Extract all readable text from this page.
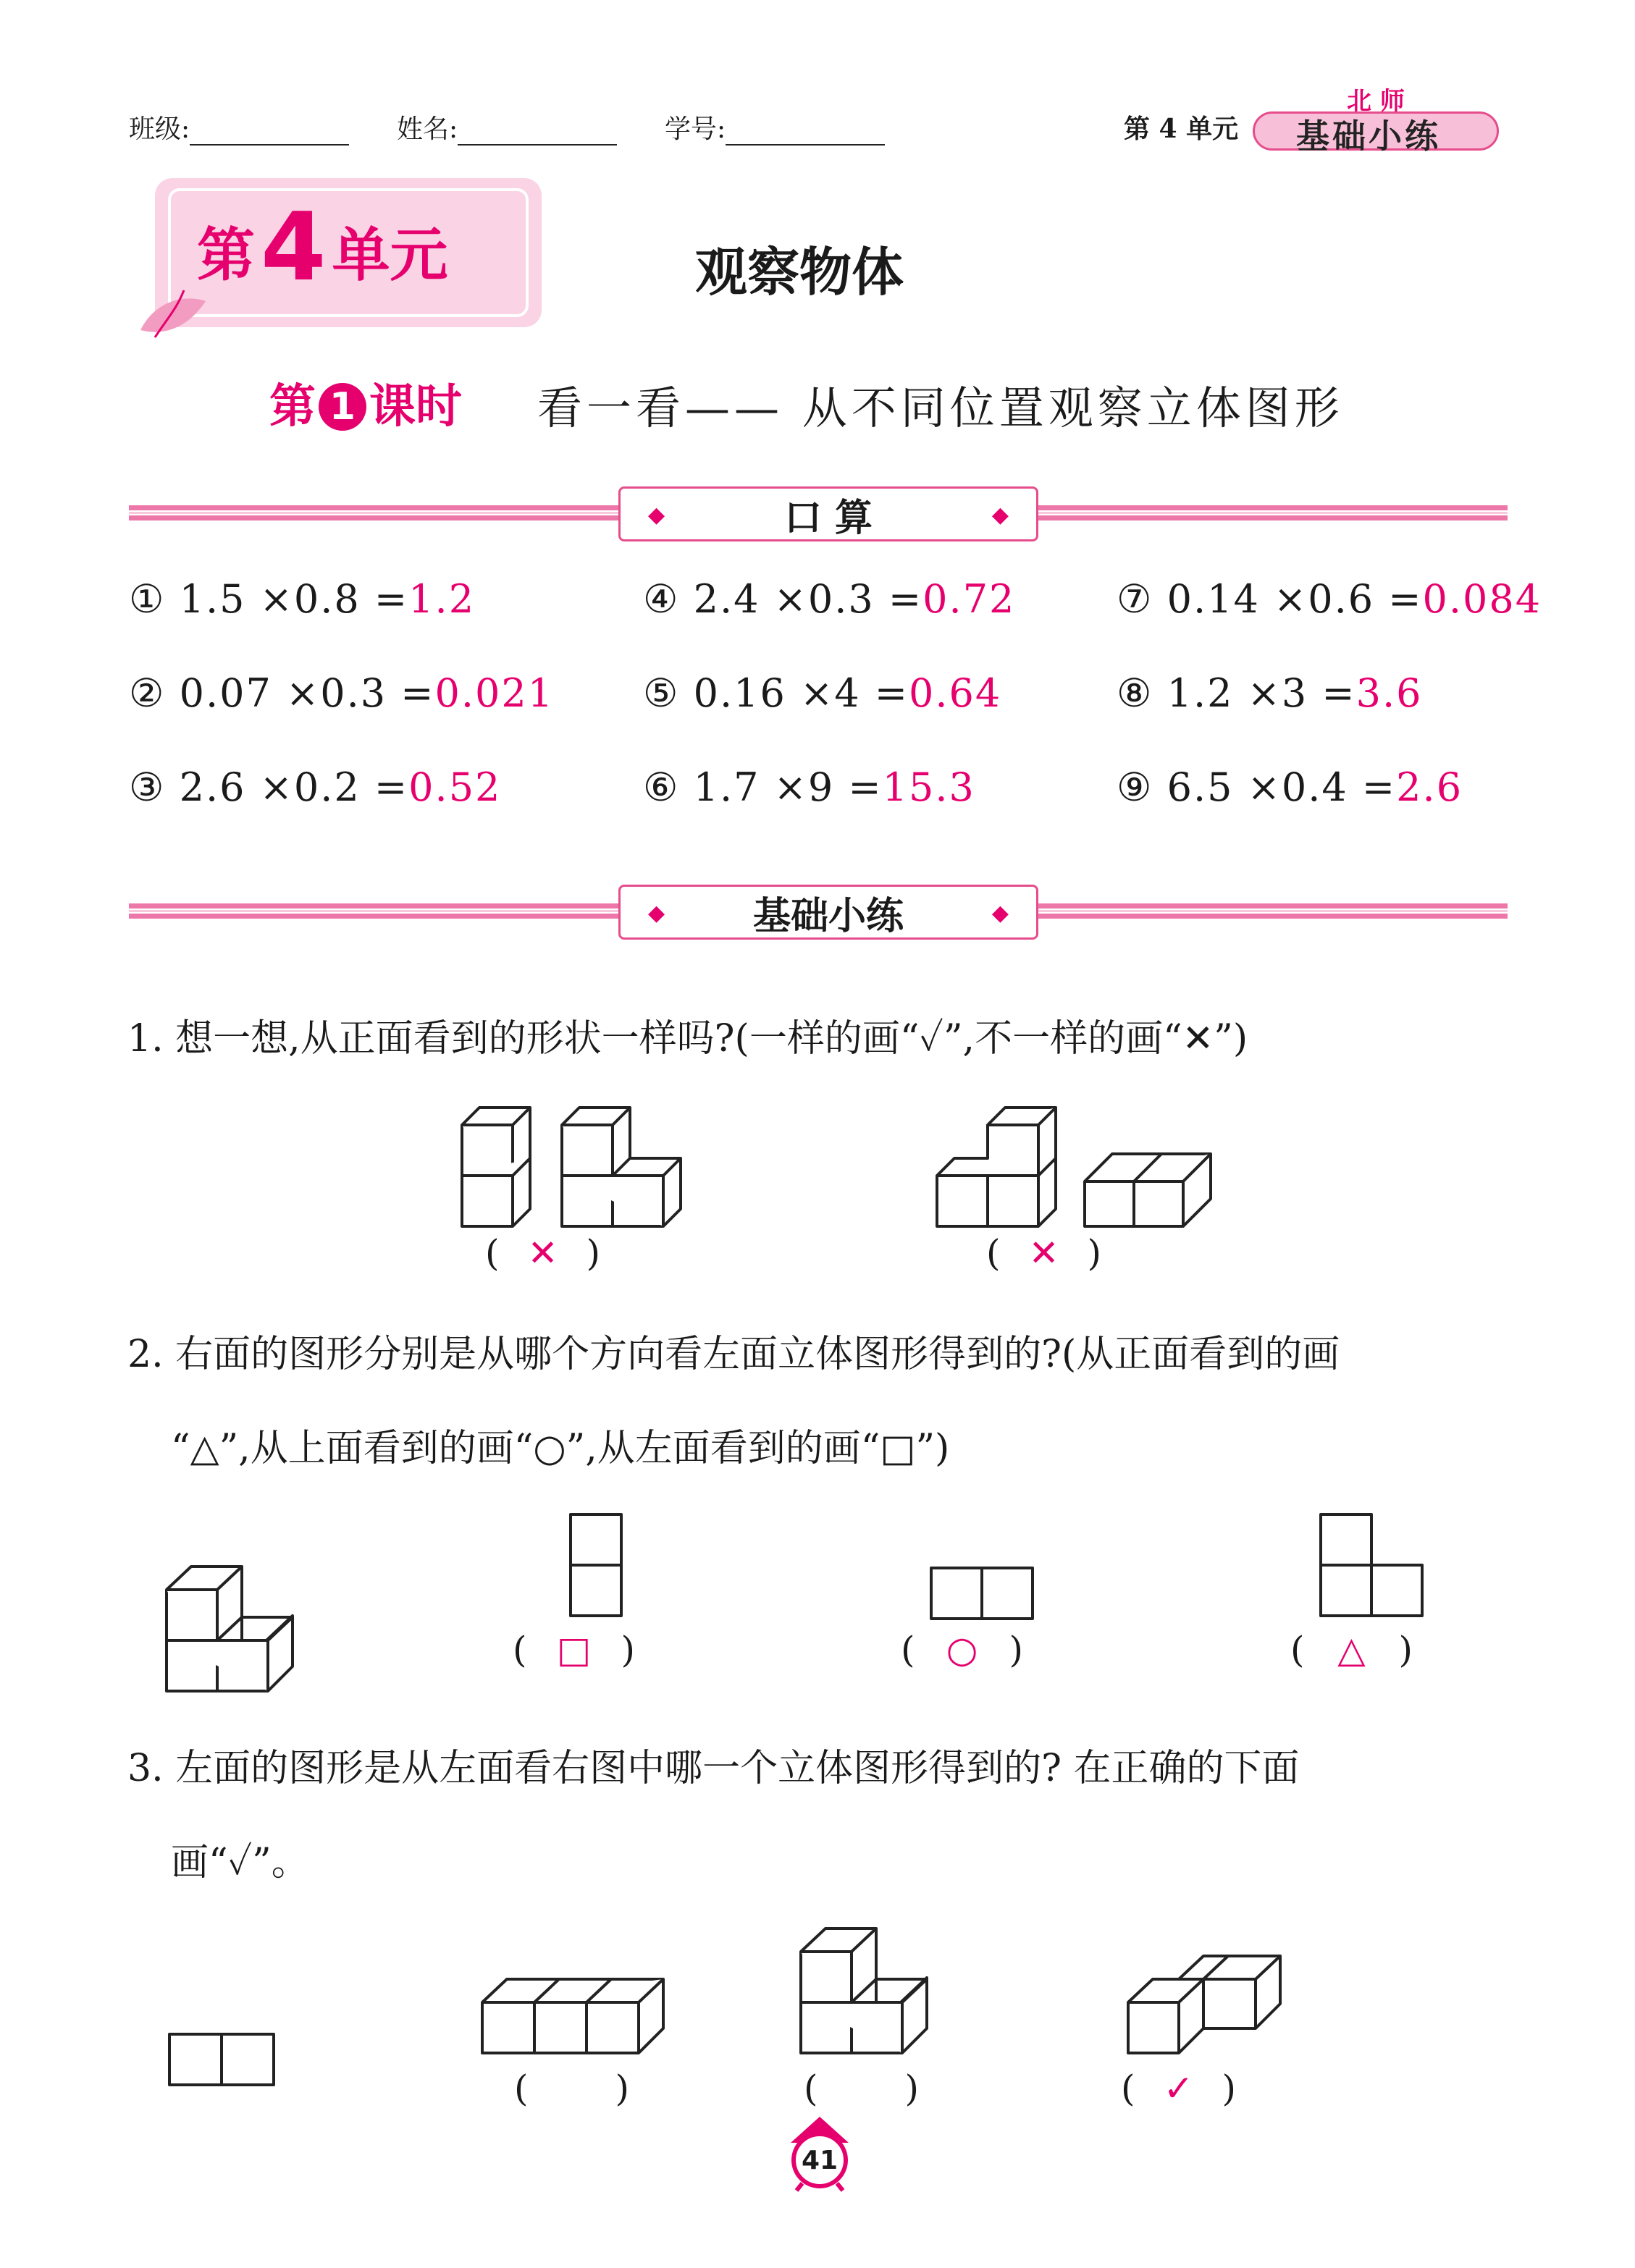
班级:	姓名:	学号:	第 4 单元
北 师
基础小练
第4 单元	观察物体
第 1 课时 看一看—— 从不同位置观察立体图形
◆	口 算	◆
① 1.5 ×0.8 =1.2
② 0.07 ×0.3 =0.021
③ 2.6 ×0.2 =0.52
④ 2.4 ×0.3 =0.72
⑤ 0.16 ×4 =0.64
⑥ 1.7 ×9 =15.3
⑦ 0.14 ×0.6 =0.084
⑧ 1.2 ×3 =3.6
⑨ 6.5 ×0.4 =2.6
◆ 基础小练	◆
1. 想一想,从正面看到的形状一样吗?(一样的画“✓”,不一样的画“✕”)
( ✕ )	( ✕ )
2. 右面的图形分别是从哪个方向看左面立体图形得到的?(从正面看到的画
“△”,从上面看到的画“○”,从左面看到的画“□”)
( □ )	( ○ )	( △ )
3. 左面的图形是从左面看右图中哪一个立体图形得到的? 在正确的下面
画“✓”。
( )	( )	( ✓ )
41
